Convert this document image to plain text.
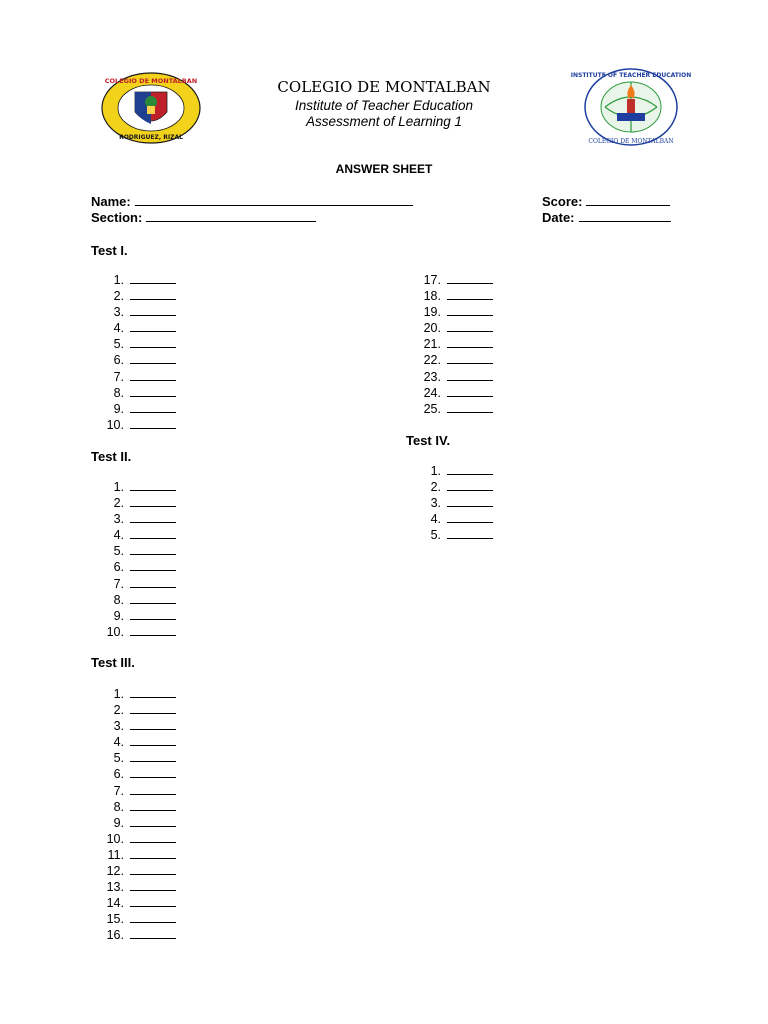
COLEGIO DE MONTALBAN
RODRIGUEZ, RIZAL
INSTITUTE OF TEACHER EDUCATION
COLEGIO DE MONTALBAN
COLEGIO DE MONTALBAN
Institute of Teacher Education
Assessment of Learning 1
ANSWER SHEET
Name:
Section:
Score:
Date:
Test I.
1.
2.
3.
4.
5.
6.
7.
8.
9.
10.
17.
18.
19.
20.
21.
22.
23.
24.
25.
Test II.
1.
2.
3.
4.
5.
6.
7.
8.
9.
10.
Test III.
1.
2.
3.
4.
5.
6.
7.
8.
9.
10.
11.
12.
13.
14.
15.
16.
Test IV.
1.
2.
3.
4.
5.
